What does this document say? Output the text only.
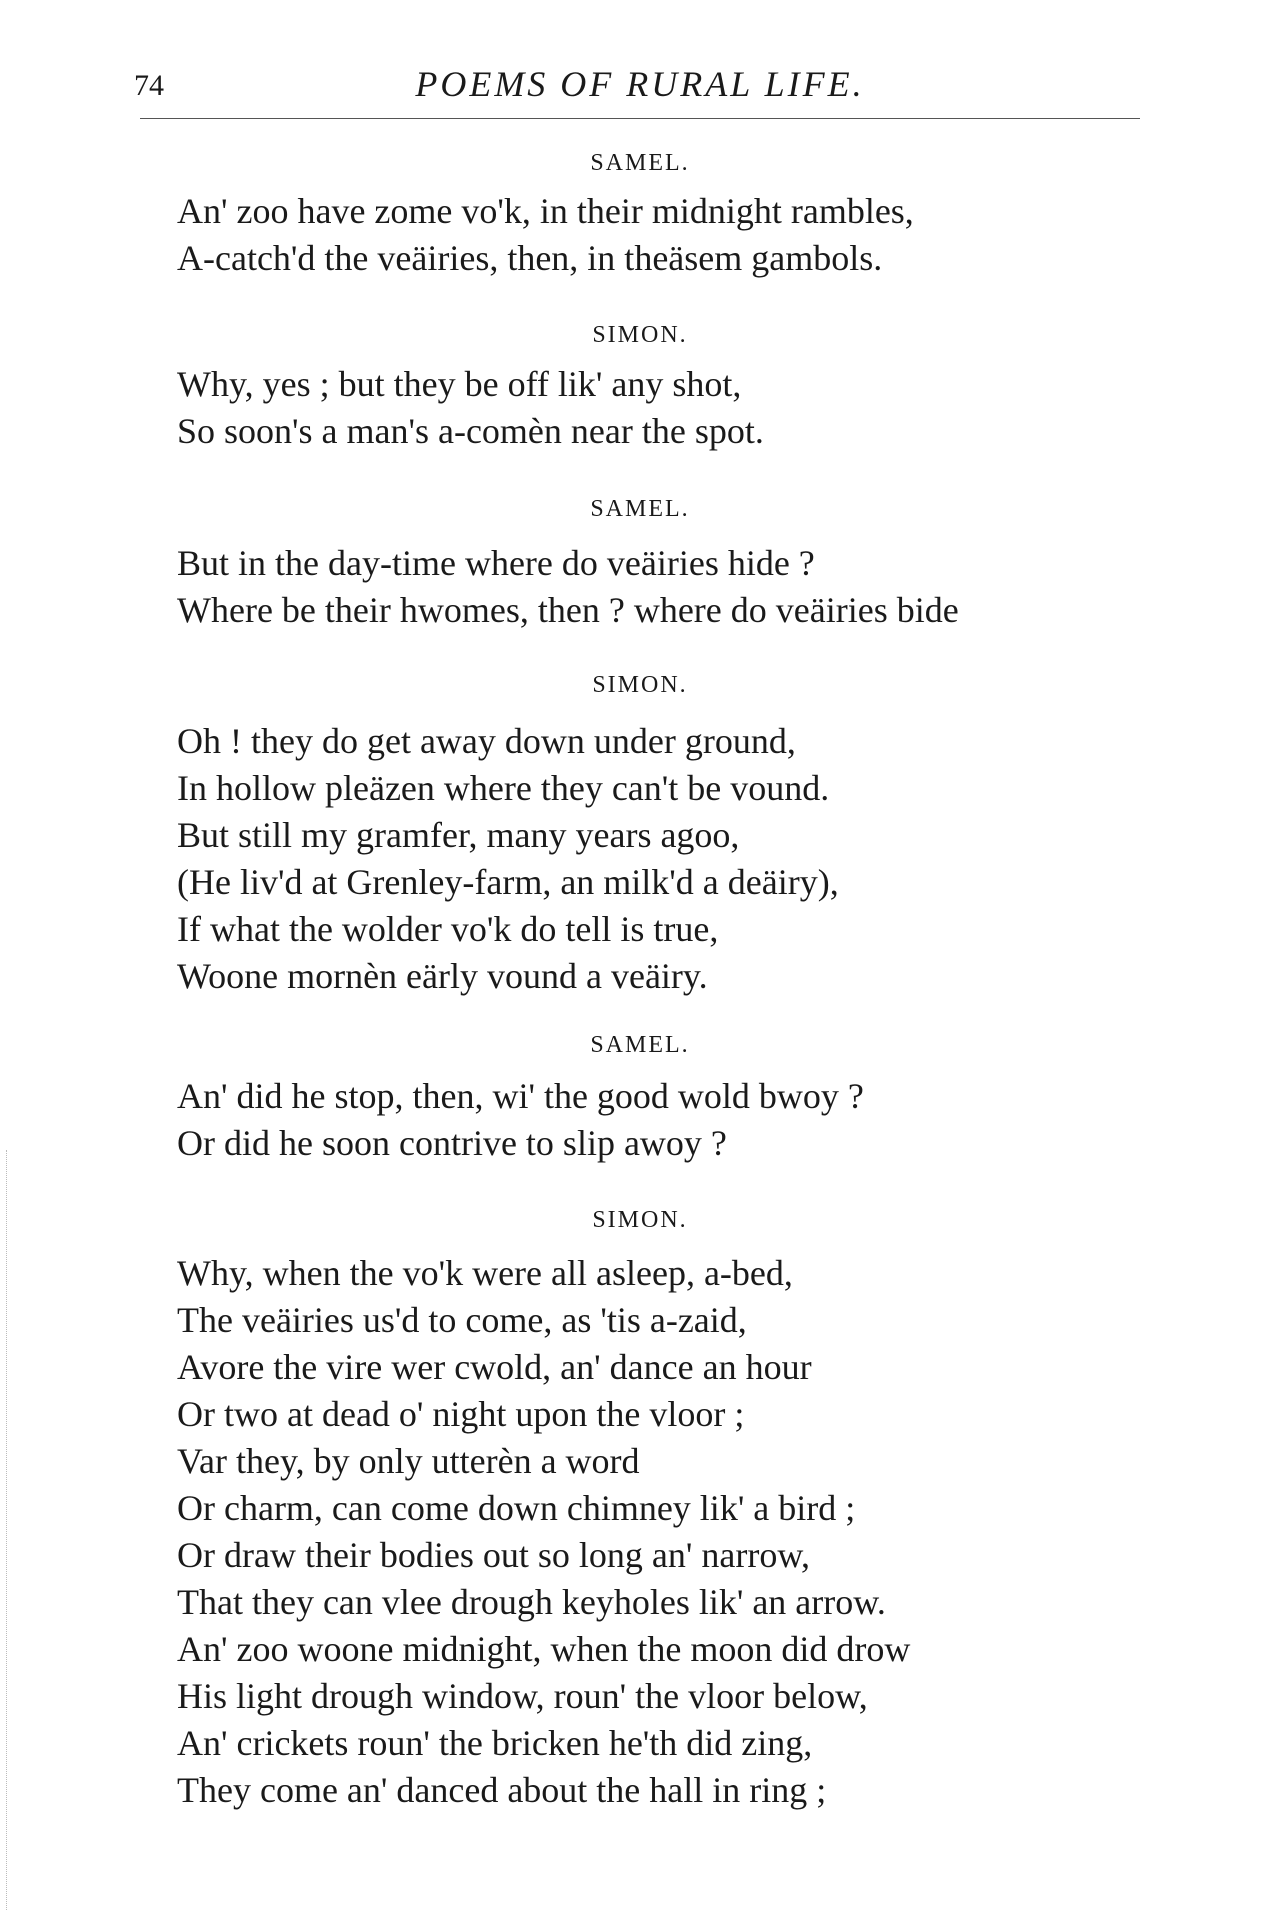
74	POEMS OF RURAL LIFE.
SAMEL.
An' zoo have zome vo'k, in their midnight rambles,
A-catch'd the veäiries, then, in theäsem gambols.
SIMON.
Why, yes ; but they be off lik' any shot,
So soon's a man's a-comèn near the spot.
SAMEL.
But in the day-time where do veäiries hide ?
Where be their hwomes, then ? where do veäiries bide
SIMON.
Oh ! they do get away down under ground,
In hollow pleäzen where they can't be vound.
But still my gramfer, many years agoo,
(He liv'd at Grenley-farm, an milk'd a deäiry),
If what the wolder vo'k do tell is true,
Woone mornèn eärly vound a veäiry.
SAMEL.
An' did he stop, then, wi' the good wold bwoy ?
Or did he soon contrive to slip awoy ?
SIMON.
Why, when the vo'k were all asleep, a-bed,
The veäiries us'd to come, as 'tis a-zaid,
Avore the vire wer cwold, an' dance an hour
Or two at dead o' night upon the vloor ;
Var they, by only utterèn a word
Or charm, can come down chimney lik' a bird ;
Or draw their bodies out so long an' narrow,
That they can vlee drough keyholes lik' an arrow.
An' zoo woone midnight, when the moon did drow
His light drough window, roun' the vloor below,
An' crickets roun' the bricken he'th did zing,
They come an' danced about the hall in ring ;
